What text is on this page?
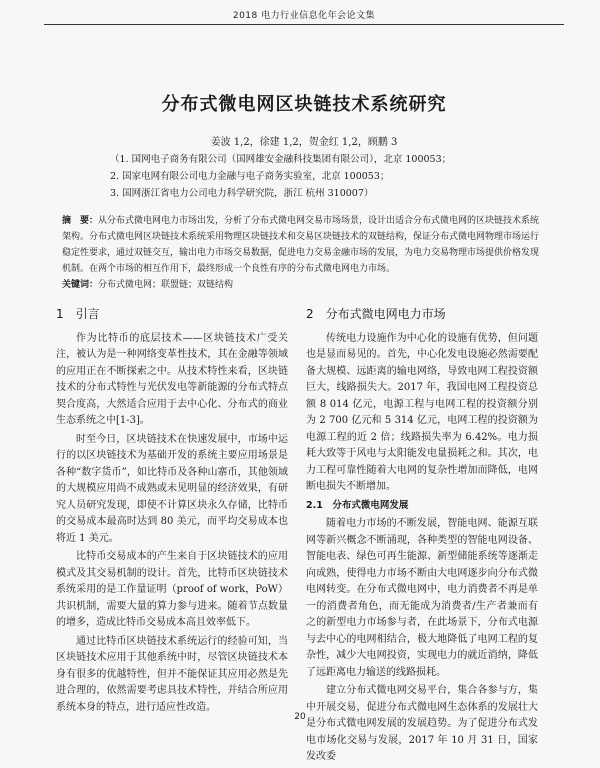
2018 电力行业信息化年会论文集
分布式微电网区块链技术系统研究
姜波 1,2，徐建 1,2，贺金红 1,2，顾鹏 3
（1. 国网电子商务有限公司（国网雄安金融科技集团有限公司），北京 100053；
2. 国家电网有限公司电力金融与电子商务实验室，北京 100053；
3. 国网浙江省电力公司电力科学研究院，浙江 杭州 310007）
摘　要：从分布式微电网电力市场出发，分析了分布式微电网交易市场场景，设计出适合分布式微电网的区块链技术系统架构。分布式微电网区块链技术系统采用物理区块链技术和交易区块链技术的双链结构，保证分布式微电网物理市场运行稳定性要求，通过双链交互，输出电力市场交易数据，促进电力交易金融市场的发展，为电力交易物理市场提供价格发现机制。在两个市场的相互作用下，最终形成一个良性有序的分布式微电网电力市场。
关键词：分布式微电网；联盟链；双链结构
1　引言

作为比特币的底层技术——区块链技术广受关注，被认为是一种网络变革性技术，其在金融等领域的应用正在不断探索之中。从技术特性来看，区块链技术的分布式特性与光伏发电等新能源的分布式特点契合度高，大然适合应用于去中心化、分布式的商业生态系统之中[1-3]。

时至今日，区块链技术在快速发展中，市场中运行的以区块链技术为基础开发的系统主要应用场景是各种“数字货币”，如比特币及各种山寨币，其他领域的大规模应用尚不成熟或未见明显的经济效果，有研究人员研究发现，即使不计算区块永久存储，比特币的交易成本最高时达到 80 美元，而平均交易成本也将近 1 美元。

比特币交易成本的产生来自于区块链技术的应用模式及其交易机制的设计。首先，比特币区块链技术系统采用的是工作量证明（proof of work，PoW）共识机制，需要大量的算力参与进来。随着节点数量的增多，造成比特币交易成本高且效率低下。

通过比特币区块链技术系统运行的经验可知，当区块链技术应用于其他系统中时，尽管区块链技术本身有很多的优越特性，但并不能保证其应用必然是先进合理的，依然需要考虑具技术特性，并结合所应用系统本身的特点，进行适应性改造。

2　分布式微电网电力市场

传统电力设施作为中心化的设施有优势，但问题也是显而易见的。首先，中心化发电设施必然需要配备大规模、远距离的输电网络，导致电网工程投资额巨大，线路损失大。2017 年，我国电网工程投资总额 8 014 亿元，电源工程与电网工程的投资额分别为 2 700 亿元和 5 314 亿元，电网工程的投资额为电源工程的近 2 倍；线路损失率为 6.42%。电力损耗大致等于风电与太阳能发电量损耗之和。其次，电力工程可靠性随着大电网的复杂性增加而降低，电网断电损失不断增加。

2.1　分布式微电网发展

随着电力市场的不断发展，智能电网、能源互联网等新兴概念不断涌现，各种类型的智能电网设备、智能电表、绿色可再生能源、新型储能系统等逐渐走向成熟，使得电力市场不断由大电网逐步向分布式微电网转变。在分布式微电网中，电力消费者不再是单一的消费者角色，而无能成为消费者/生产者兼而有之的新型电力市场参与者，在此场景下，分布式电源与去中心的电网相结合，极大地降低了电网工程的复杂性，减少大电网投资，实现电力的就近消纳，降低了远距离电力输送的线路损耗。

建立分布式微电网交易平台，集合各参与方，集中开展交易，促进分布式微电网生态体系的发展壮大是分布式微电网发展的发展趋势。为了促进分布式发电市场化交易与发展，2017 年 10 月 31 日，国家发改委

20
